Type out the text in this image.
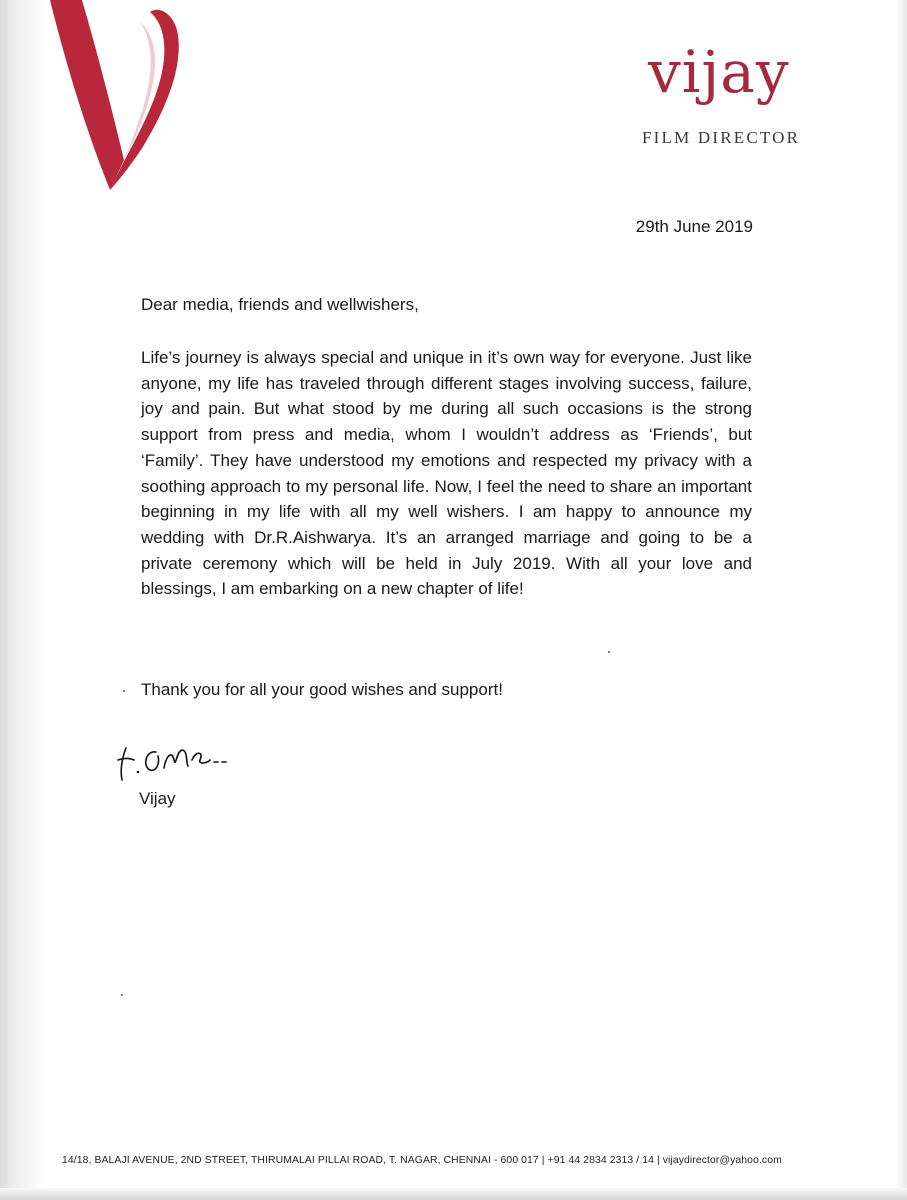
vijay
FILM DIRECTOR
29th June 2019
Dear media, friends and wellwishers,
Life’s journey is always special and unique in it’s own way for everyone. Just like anyone, my life has traveled through different stages involving success, failure, joy and pain. But what stood by me during all such occasions is the strong support from press and media, whom I wouldn’t address as ‘Friends’, but ‘Family’. They have understood my emotions and respected my privacy with a soothing approach to my personal life. Now, I feel the need to share an important beginning in my life with all my well wishers. I am happy to announce my wedding with Dr.R.Aishwarya. It’s an arranged marriage and going to be a private ceremony which will be held in July 2019. With all your love and blessings, I am embarking on a new chapter of life!
Thank you for all your good wishes and support!
Vijay
14/18, BALAJI AVENUE, 2ND STREET, THIRUMALAI PILLAI ROAD, T. NAGAR, CHENNAI - 600 017 | +91 44 2834 2313 / 14 | vijaydirector@yahoo.com
